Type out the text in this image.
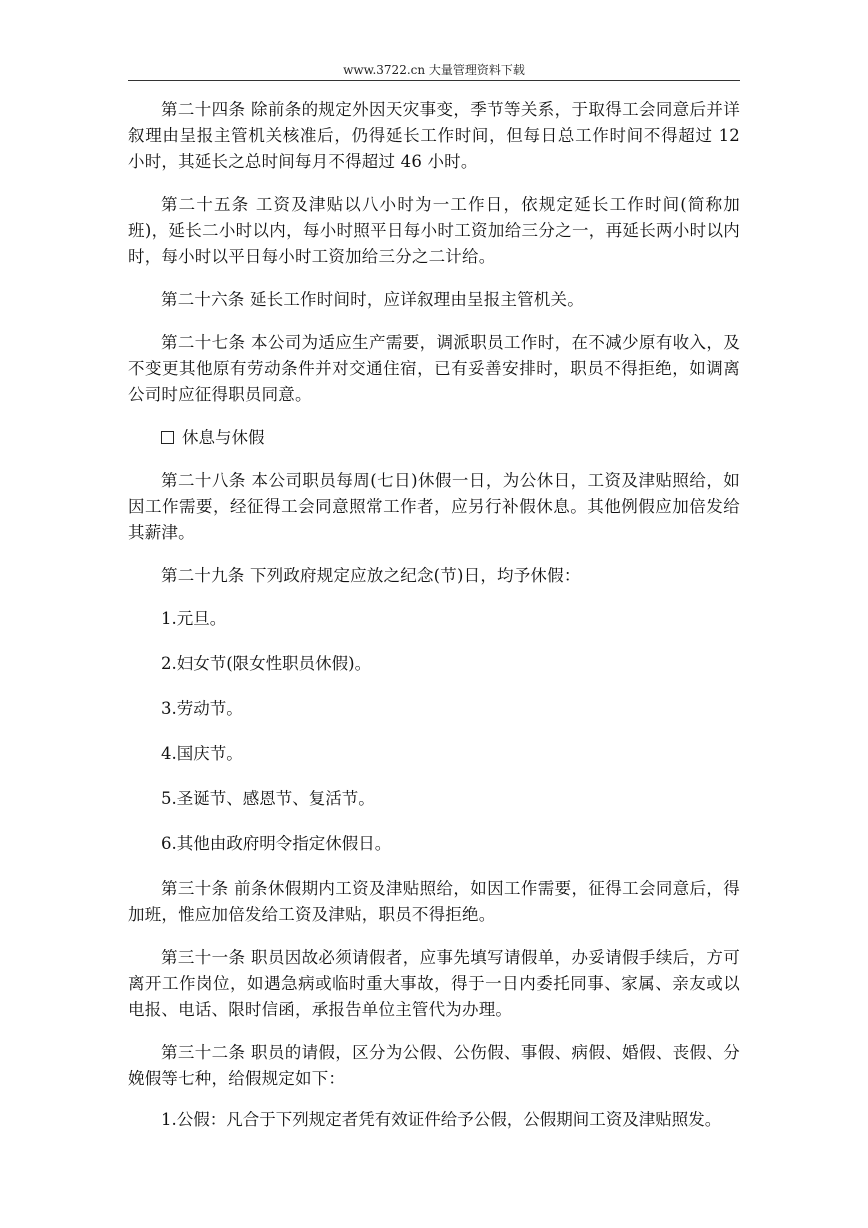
www.3722.cn 大量管理资料下载

第二十四条 除前条的规定外因天灾事变，季节等关系，于取得工会同意后并详叙理由呈报主管机关核准后，仍得延长工作时间，但每日总工作时间不得超过 12 小时，其延长之总时间每月不得超过 46 小时。

第二十五条 工资及津贴以八小时为一工作日，依规定延长工作时间(简称加班)，延长二小时以内，每小时照平日每小时工资加给三分之一，再延长两小时以内时，每小时以平日每小时工资加给三分之二计给。

第二十六条 延长工作时间时，应详叙理由呈报主管机关。

第二十七条 本公司为适应生产需要，调派职员工作时，在不减少原有收入，及不变更其他原有劳动条件并对交通住宿，已有妥善安排时，职员不得拒绝，如调离公司时应征得职员同意。

休息与休假

第二十八条 本公司职员每周(七日)休假一日，为公休日，工资及津贴照给，如因工作需要，经征得工会同意照常工作者，应另行补假休息。其他例假应加倍发给其薪津。

第二十九条 下列政府规定应放之纪念(节)日，均予休假：

1.元旦。

2.妇女节(限女性职员休假)。

3.劳动节。

4.国庆节。

5.圣诞节、感恩节、复活节。

6.其他由政府明令指定休假日。

第三十条 前条休假期内工资及津贴照给，如因工作需要，征得工会同意后，得加班，惟应加倍发给工资及津贴，职员不得拒绝。

第三十一条 职员因故必须请假者，应事先填写请假单，办妥请假手续后，方可离开工作岗位，如遇急病或临时重大事故，得于一日内委托同事、家属、亲友或以电报、电话、限时信函，承报告单位主管代为办理。

第三十二条 职员的请假，区分为公假、公伤假、事假、病假、婚假、丧假、分娩假等七种，给假规定如下：

1.公假：凡合于下列规定者凭有效证件给予公假，公假期间工资及津贴照发。
